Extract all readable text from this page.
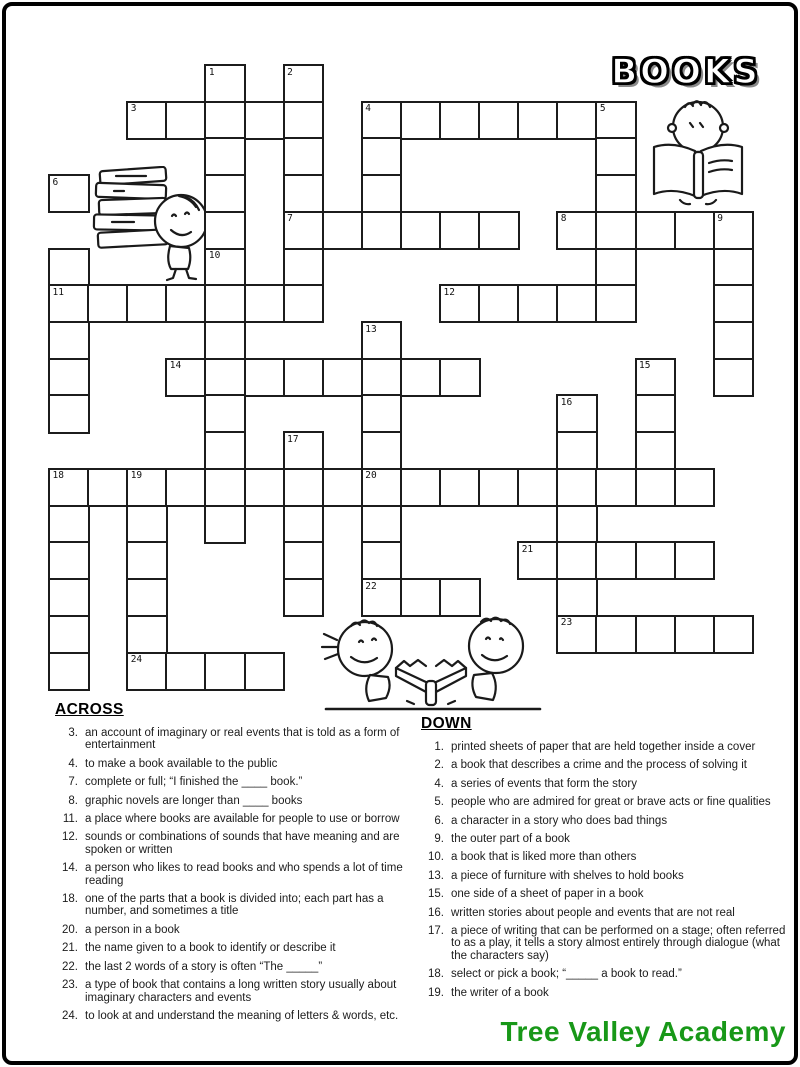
BOOKS
1	2
3	4	5
6
7	8	9
10
11	12
13
14	15
16
17
18	19	20
21
22
23
24
ACROSS
3. an account of imaginary or real events that is told as a form of entertainment
4. to make a book available to the public
7. complete or full; “I finished the ____ book.”
8. graphic novels are longer than ____ books
11. a place where books are available for people to use or borrow
12. sounds or combinations of sounds that have meaning and are spoken or written
14. a person who likes to read books and who spends a lot of time reading
18. one of the parts that a book is divided into; each part has a number, and sometimes a title
20. a person in a book
21. the name given to a book to identify or describe it
22. the last 2 words of a story is often “The _____”
23. a type of book that contains a long written story usually about imaginary characters and events
24. to look at and understand the meaning of letters & words, etc.
DOWN
1. printed sheets of paper that are held together inside a cover
2. a book that describes a crime and the process of solving it
4. a series of events that form the story
5. people who are admired for great or brave acts or fine qualities
6. a character in a story who does bad things
9. the outer part of a book
10. a book that is liked more than others
13. a piece of furniture with shelves to hold books
15. one side of a sheet of paper in a book
16. written stories about people and events that are not real
17. a piece of writing that can be performed on a stage; often referred to as a play, it tells a story almost entirely through dialogue (what the characters say)
18. select or pick a book; “_____ a book to read.”
19. the writer of a book
Tree Valley Academy
